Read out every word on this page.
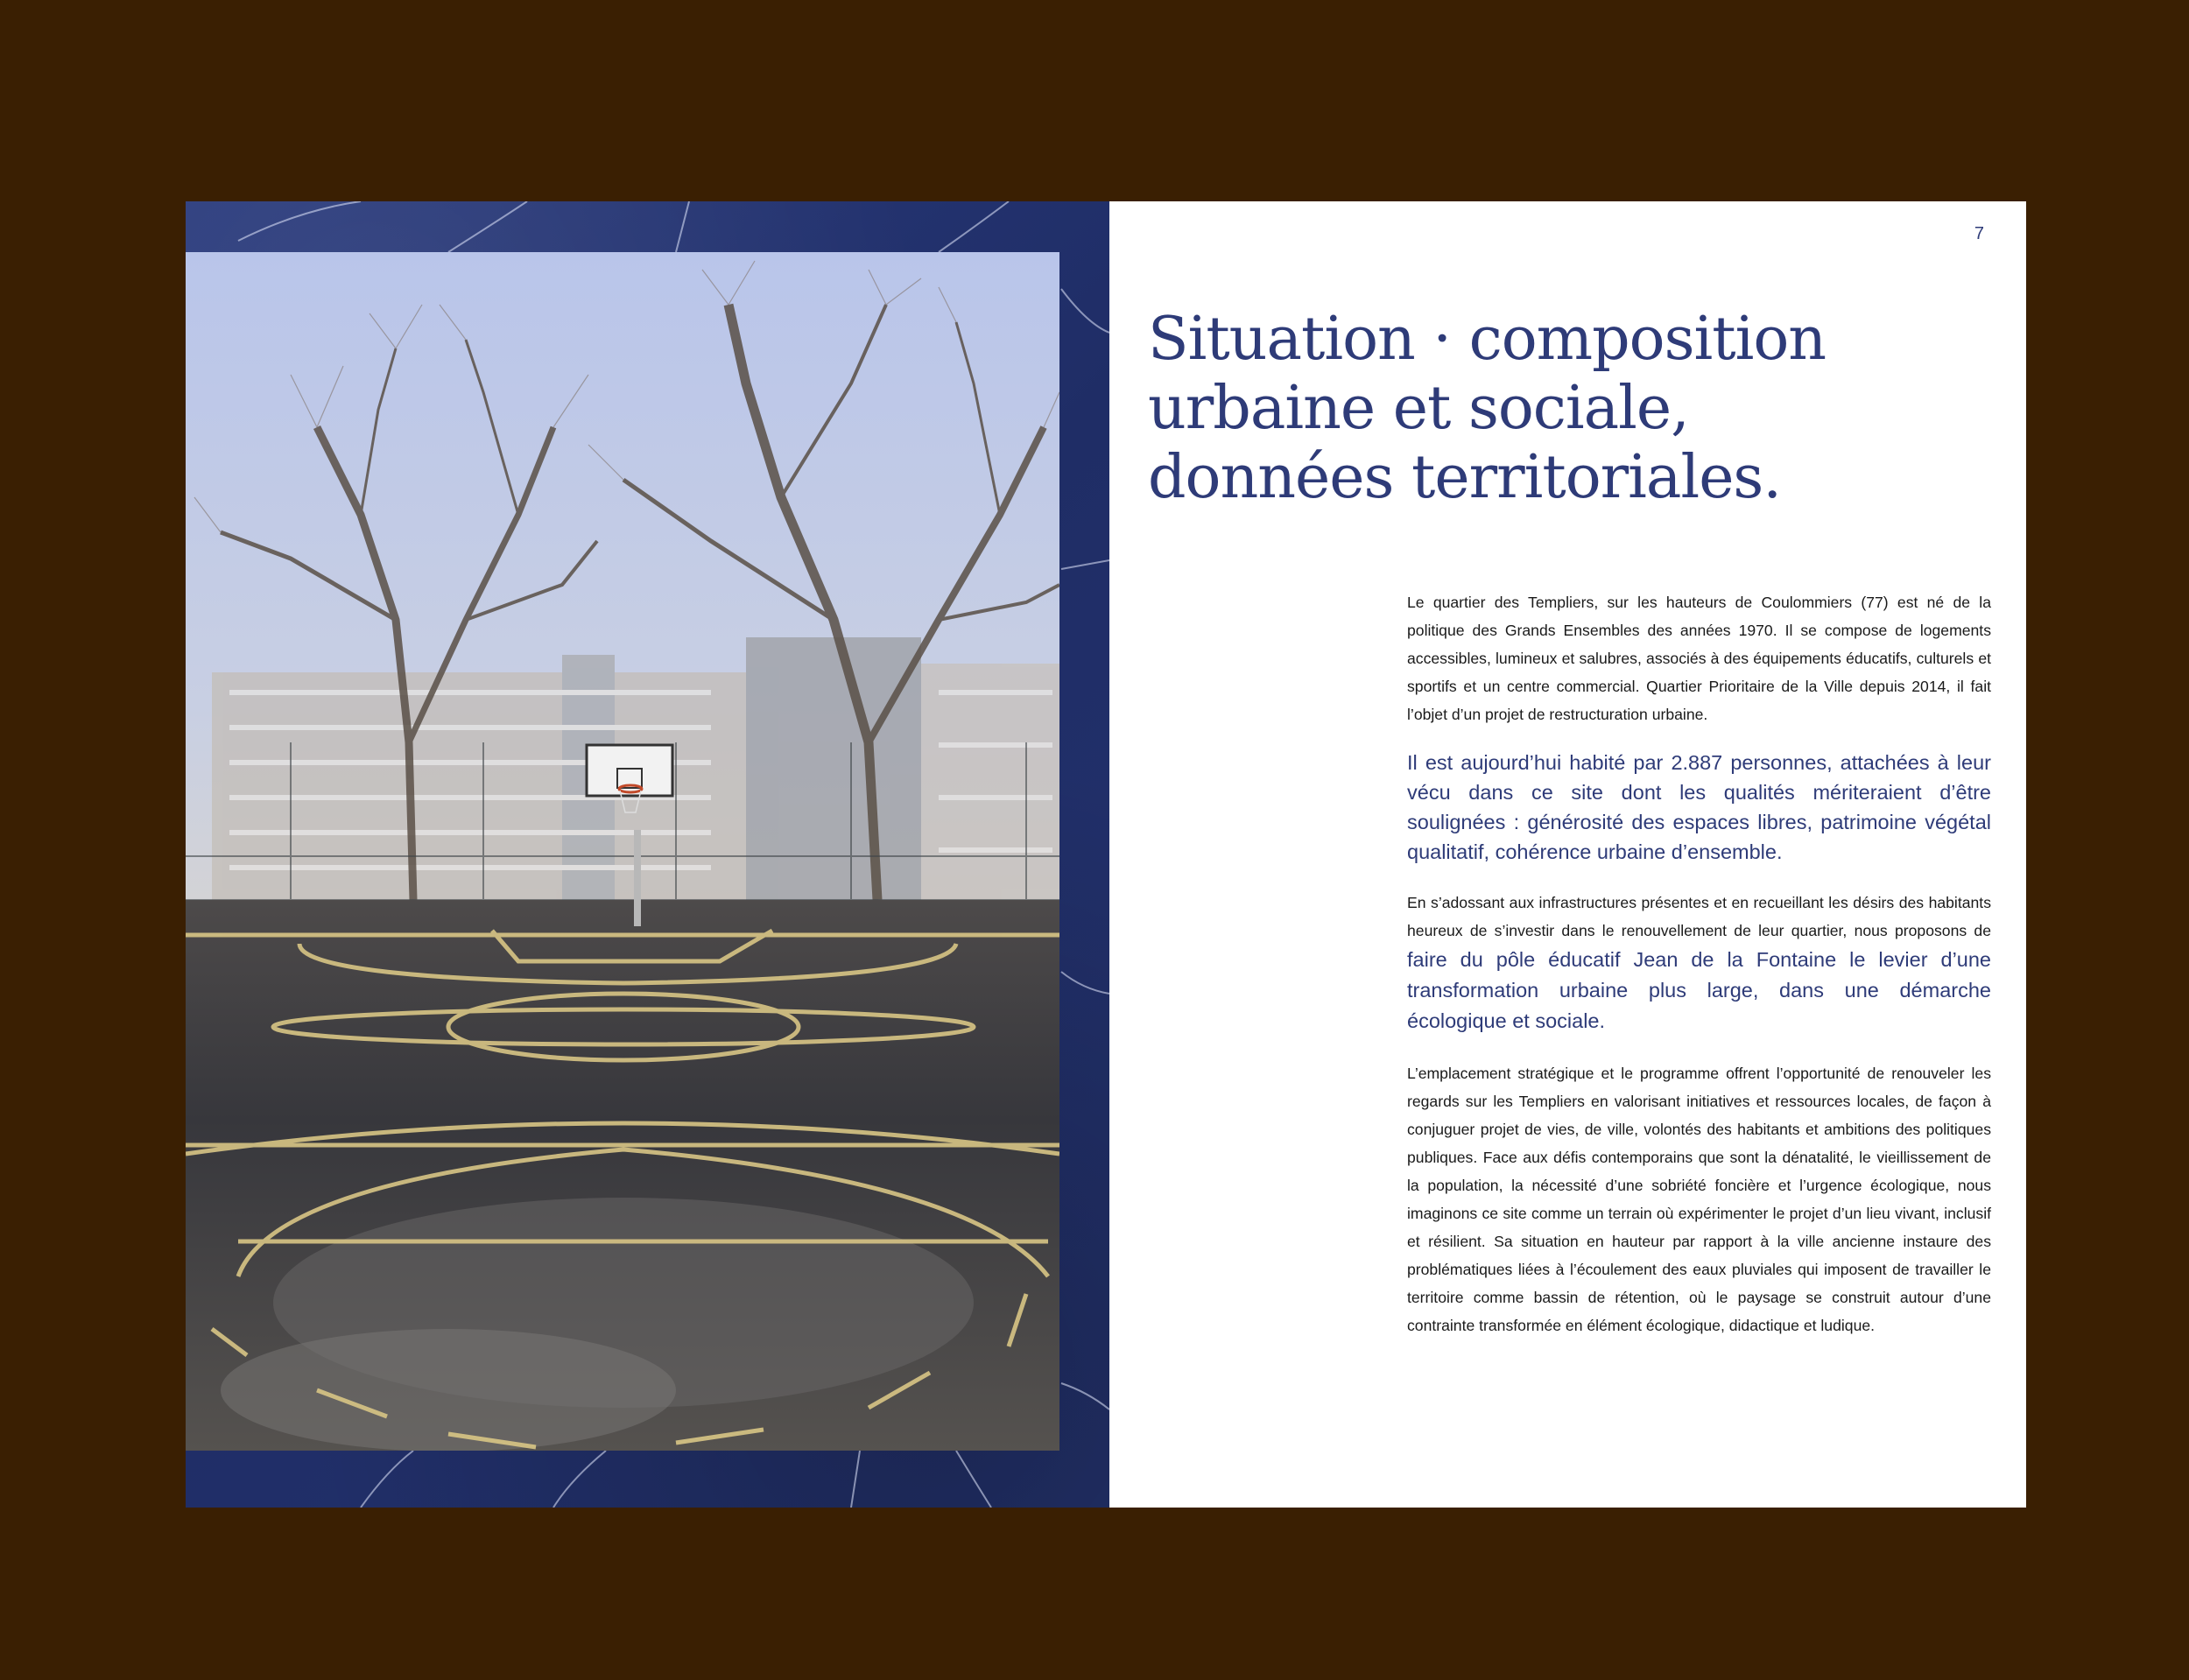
7
Situation · composition
urbaine et sociale,
données territoriales.

Le quartier des Templiers, sur les hauteurs de Coulommiers (77) est né de la politique des Grands Ensembles des années 1970. Il se compose de logements accessibles, lumineux et salubres, associés à des équipements éducatifs, culturels et sportifs et un centre commercial. Quartier Prioritaire de la Ville depuis 2014, il fait l’objet d’un projet de restructuration urbaine.

Il est aujourd’hui habité par 2.887 personnes, attachées à leur vécu dans ce site dont les qualités mériteraient d’être soulignées : générosité des espaces libres, patrimoine végétal qualitatif, cohérence urbaine d’ensemble.

En s’adossant aux infrastructures présentes et en recueillant les désirs des habitants heureux de s’investir dans le renouvellement de leur quartier, nous proposons de faire du pôle éducatif Jean de la Fontaine le levier d’une transformation urbaine plus large, dans une démarche écologique et sociale.

L’emplacement stratégique et le programme offrent l’opportunité de renouveler les regards sur les Templiers en valorisant initiatives et ressources locales, de façon à conjuguer projet de vies, de ville, volontés des habitants et ambitions des politiques publiques. Face aux défis contemporains que sont la dénatalité, le vieillissement de la population, la nécessité d’une sobriété foncière et l’urgence écologique, nous imaginons ce site comme un terrain où expérimenter le projet d’un lieu vivant, inclusif et résilient. Sa situation en hauteur par rapport à la ville ancienne instaure des problématiques liées à l’écoulement des eaux pluviales qui imposent de travailler le territoire comme bassin de rétention, où le paysage se construit autour d’une contrainte transformée en élément écologique, didactique et ludique.
